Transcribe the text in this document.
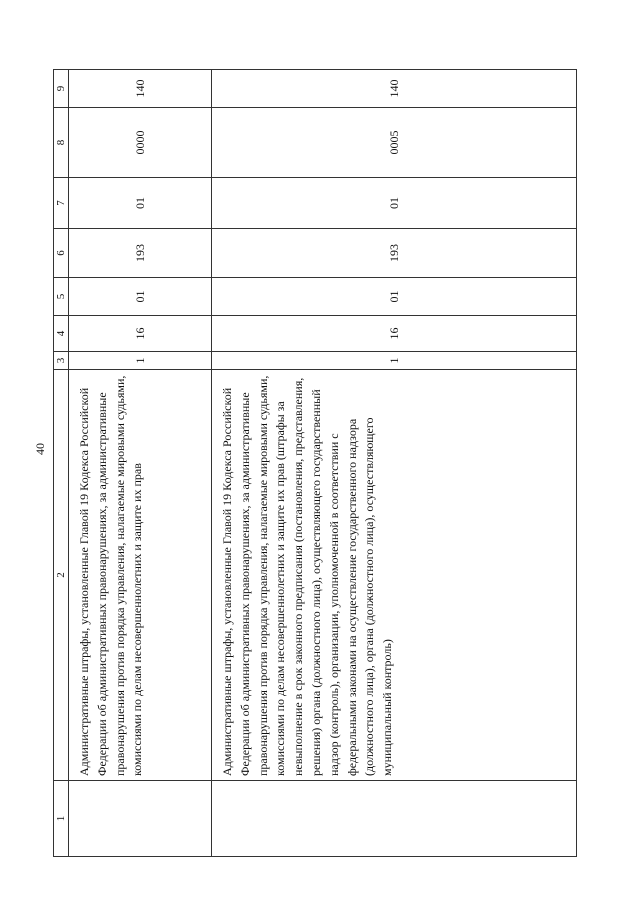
40
1	2	3	4	5	6	7	8	9
	Административные штрафы, установленные Главой 19 Кодекса Российской Федерации об административных правонарушениях, за административные правонарушения против порядка управления, налагаемые мировыми судьями, комиссиями по делам несовершеннолетних и защите их прав	1	16	01	193	01	0000	140
	Административные штрафы, установленные Главой 19 Кодекса Российской Федерации об административных правонарушениях, за административные правонарушения против порядка управления, налагаемые мировыми судьями, комиссиями по делам несовершеннолетних и защите их прав (штрафы за невыполнение в срок законного предписания (постановления, представления, решения) органа (должностного лица), осуществляющего государственный надзор (контроль), организации, уполномоченной в соответствии с федеральными законами на осуществление государственного надзора (должностного лица), органа (должностного лица), осуществляющего муниципальный контроль)	1	16	01	193	01	0005	140
